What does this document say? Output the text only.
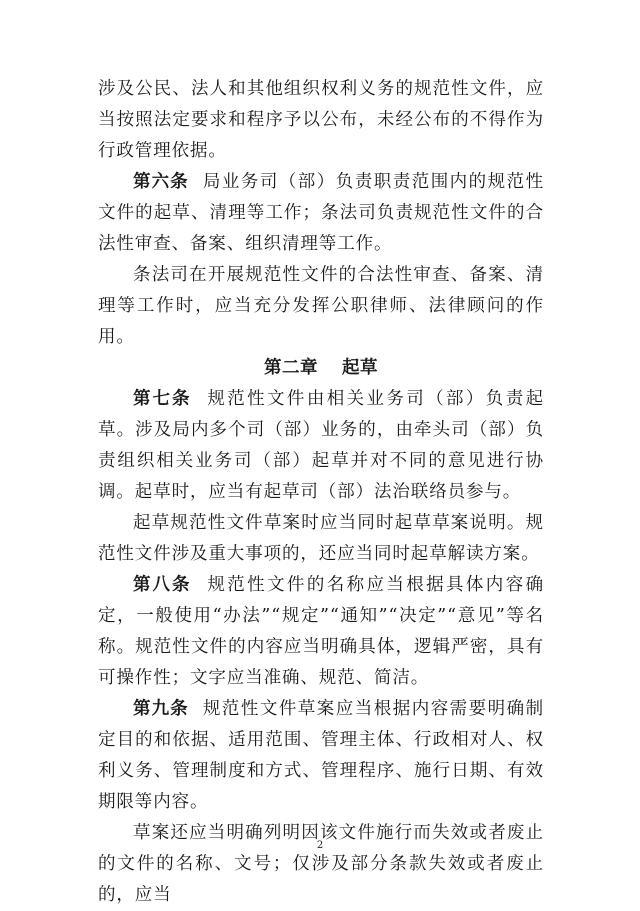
涉及公民、法人和其他组织权利义务的规范性文件，应当按照法定要求和程序予以公布，未经公布的不得作为行政管理依据。

第六条 局业务司（部）负责职责范围内的规范性文件的起草、清理等工作；条法司负责规范性文件的合法性审查、备案、组织清理等工作。

条法司在开展规范性文件的合法性审查、备案、清理等工作时，应当充分发挥公职律师、法律顾问的作用。

第二章 起草

第七条 规范性文件由相关业务司（部）负责起草。涉及局内多个司（部）业务的，由牵头司（部）负责组织相关业务司（部）起草并对不同的意见进行协调。起草时，应当有起草司（部）法治联络员参与。

起草规范性文件草案时应当同时起草草案说明。规范性文件涉及重大事项的，还应当同时起草解读方案。

第八条 规范性文件的名称应当根据具体内容确定，一般使用“办法”“规定”“通知”“决定”“意见”等名称。规范性文件的内容应当明确具体，逻辑严密，具有可操作性；文字应当准确、规范、简洁。

第九条 规范性文件草案应当根据内容需要明确制定目的和依据、适用范围、管理主体、行政相对人、权利义务、管理制度和方式、管理程序、施行日期、有效期限等内容。

草案还应当明确列明因该文件施行而失效或者废止的文件的名称、文号；仅涉及部分条款失效或者废止的，应当

2
